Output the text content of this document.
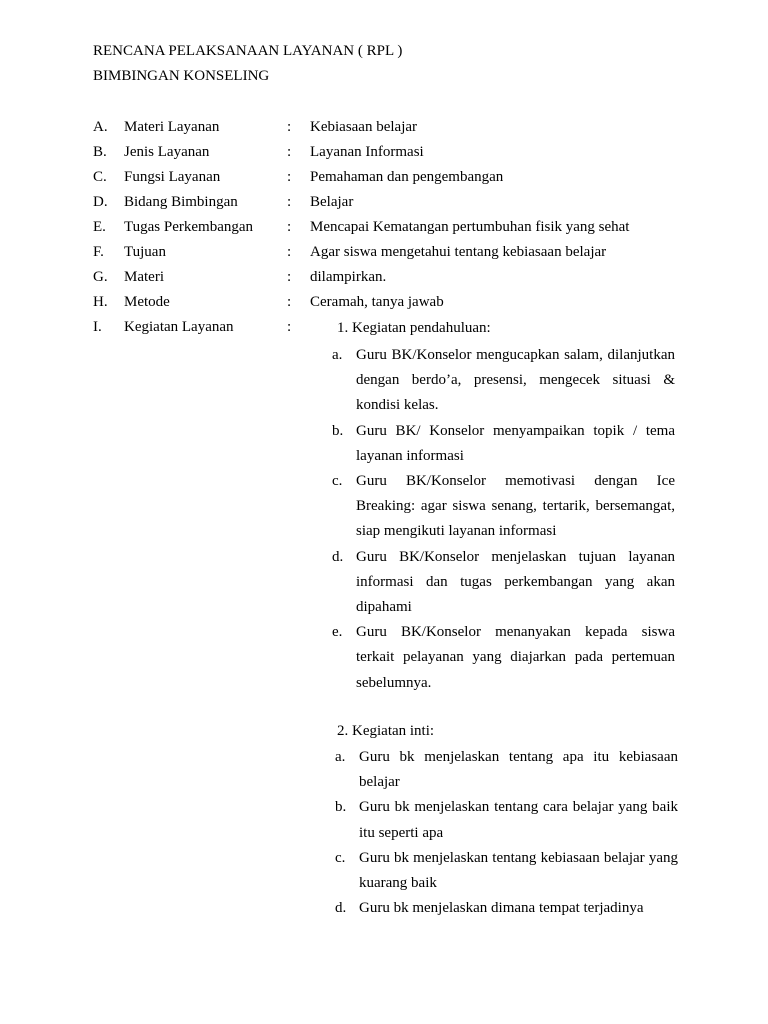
RENCANA PELAKSANAAN LAYANAN ( RPL )
BIMBINGAN KONSELING
A. Materi Layanan	: Kebiasaan belajar
B. Jenis Layanan	: Layanan Informasi
C. Fungsi Layanan	: Pemahaman dan pengembangan
D. Bidang Bimbingan	: Belajar
E. Tugas Perkembangan : Mencapai Kematangan pertumbuhan fisik yang sehat
F. Tujuan	: Agar siswa mengetahui tentang kebiasaan belajar
G. Materi	: dilampirkan.
H. Metode	: Ceramah, tanya jawab
I. Kegiatan Layanan	:	1. Kegiatan pendahuluan:
a. Guru BK/Konselor mengucapkan salam, dilanjutkan dengan berdo’a, presensi, mengecek situasi & kondisi kelas.
b. Guru BK/ Konselor menyampaikan topik / tema layanan informasi
c. Guru BK/Konselor memotivasi dengan Ice Breaking: agar siswa senang, tertarik, bersemangat, siap mengikuti layanan informasi
d. Guru BK/Konselor menjelaskan tujuan layanan informasi dan tugas perkembangan yang akan dipahami
e. Guru BK/Konselor menanyakan kepada siswa terkait pelayanan yang diajarkan pada pertemuan sebelumnya.
2. Kegiatan inti:
a. Guru bk menjelaskan tentang apa itu kebiasaan belajar
b. Guru bk menjelaskan tentang cara belajar yang baik itu seperti apa
c. Guru bk menjelaskan tentang kebiasaan belajar yang kuarang baik
d. Guru bk menjelaskan dimana tempat terjadinya
